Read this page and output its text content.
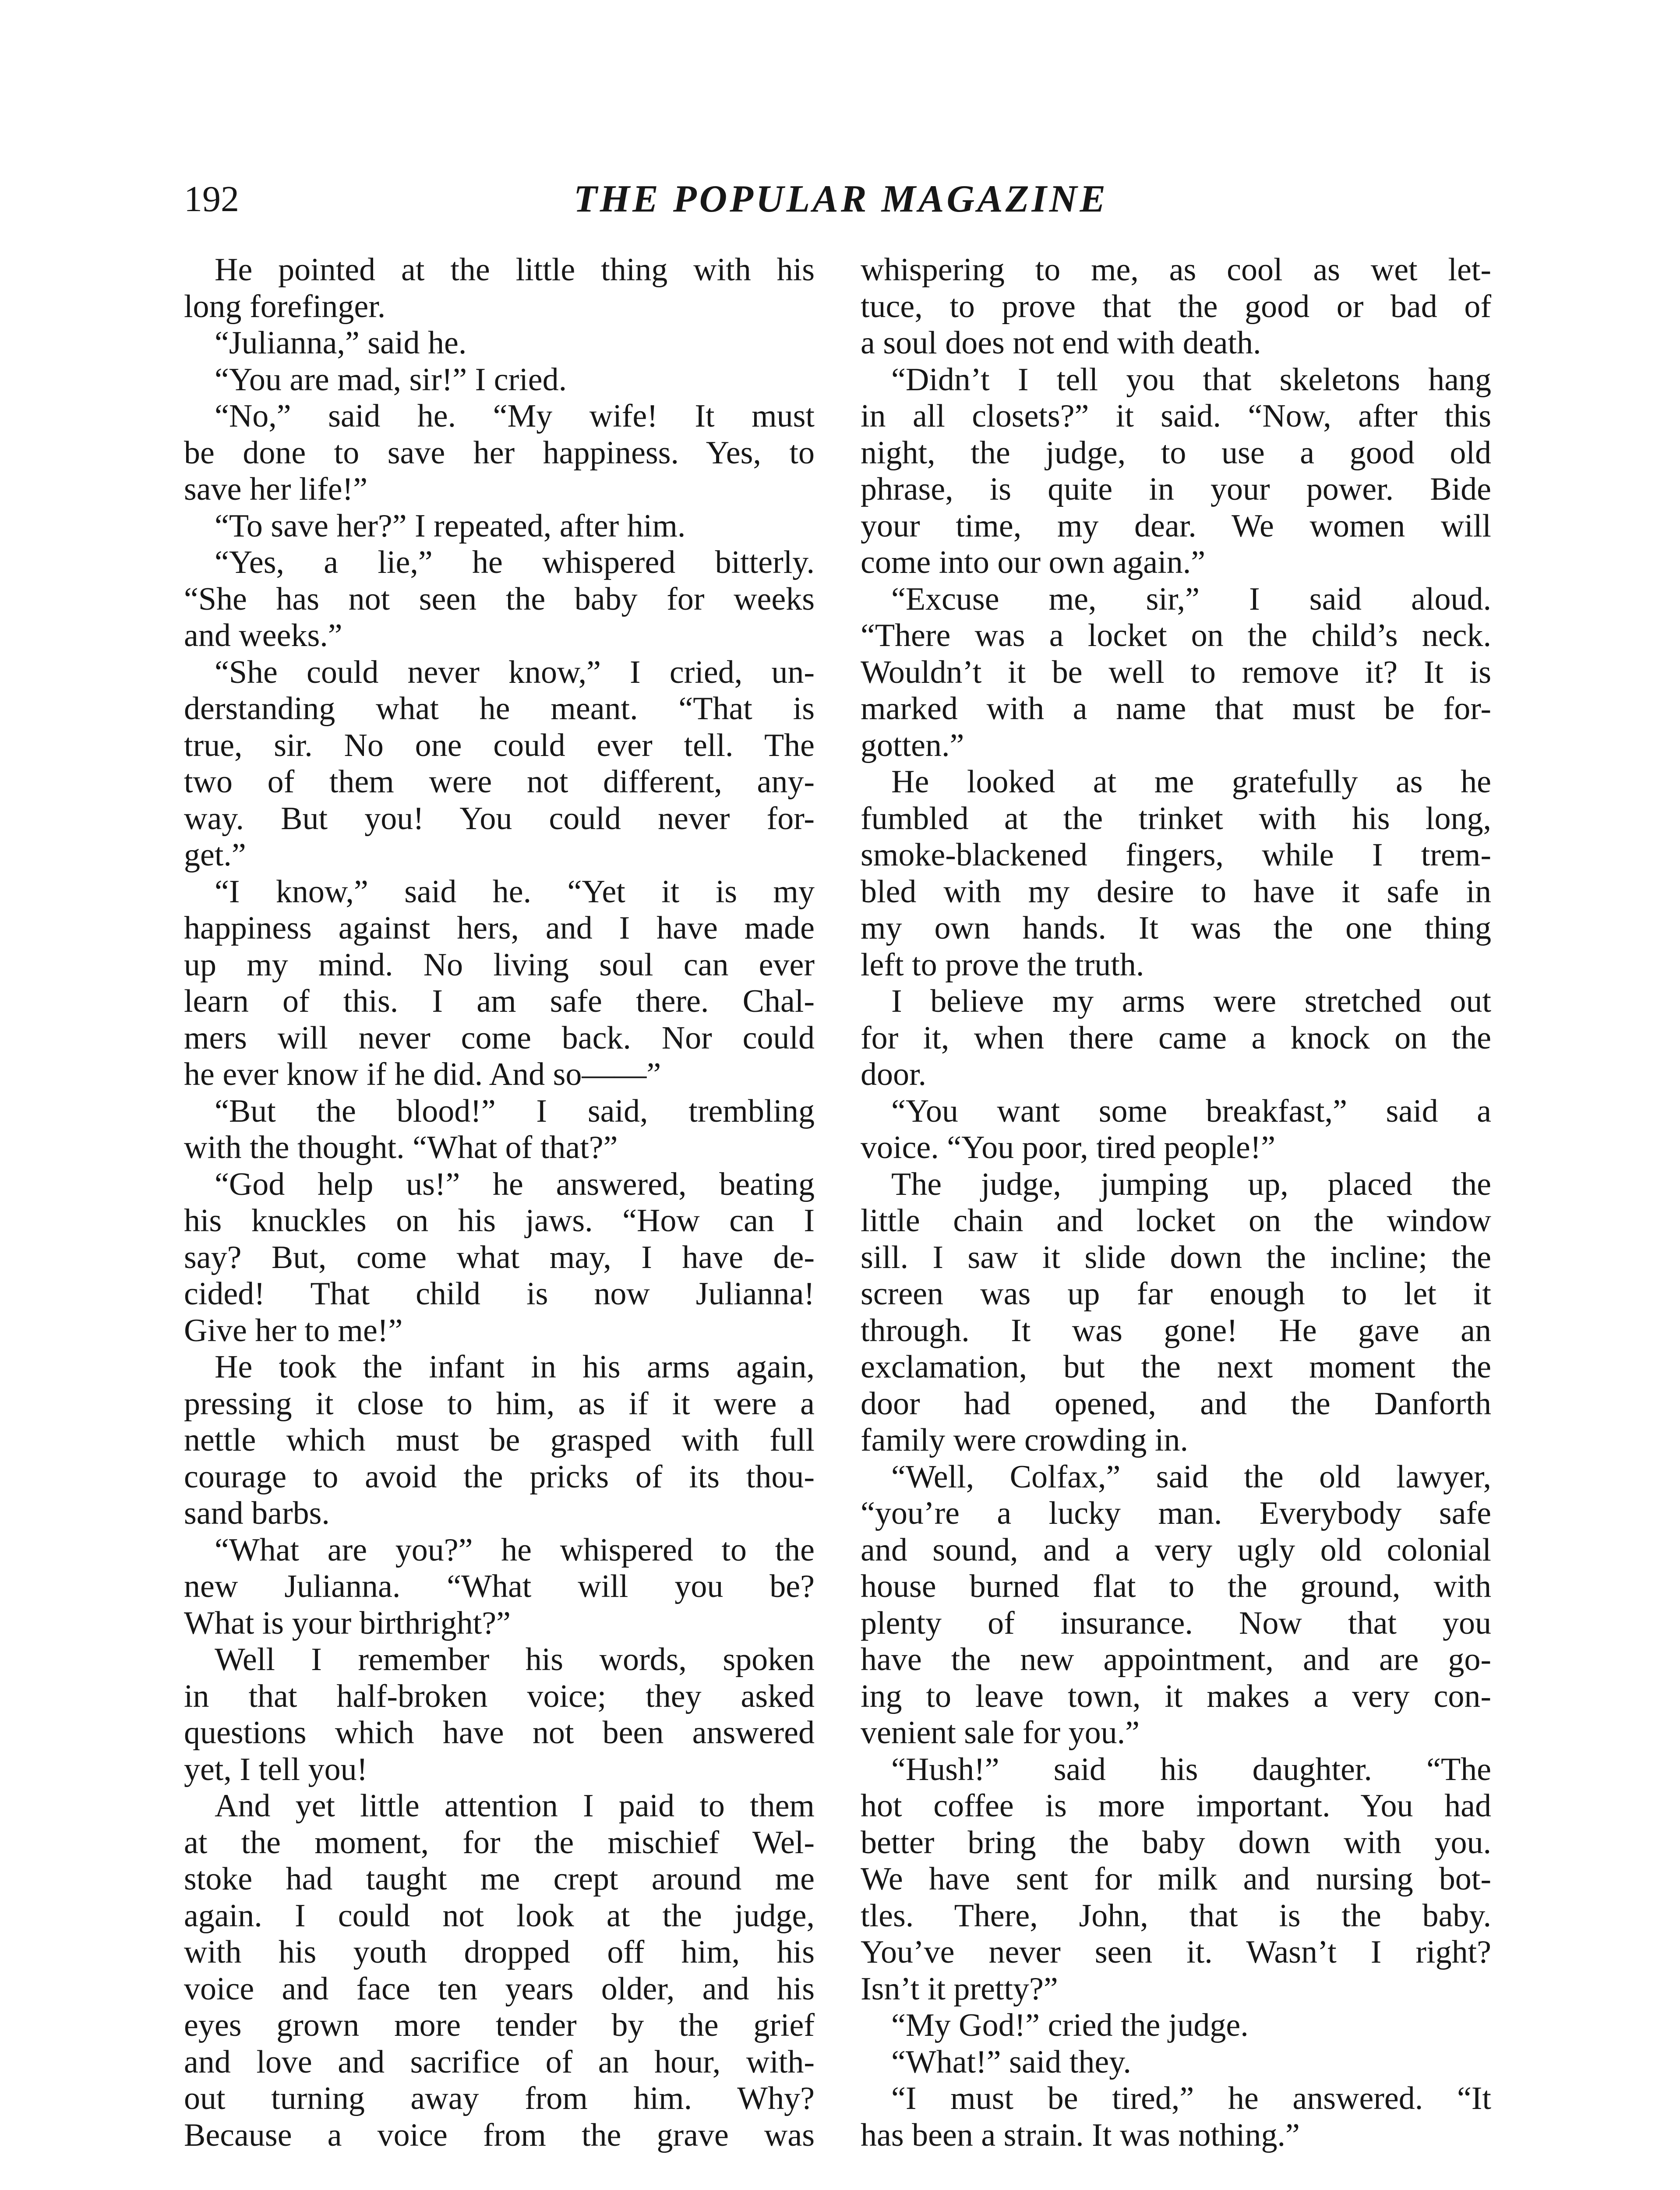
192	THE POPULAR MAGAZINE
He pointed at the little thing with his
long forefinger.
“Julianna,” said he.
“You are mad, sir!” I cried.
“No,” said he. “My wife! It must
be done to save her happiness. Yes, to
save her life!”
“To save her?” I repeated, after him.
“Yes, a lie,” he whispered bitterly.
“She has not seen the baby for weeks
and weeks.”
“She could never know,” I cried, un-
derstanding what he meant. “That is
true, sir. No one could ever tell. The
two of them were not different, any-
way. But you! You could never for-
get.”
“I know,” said he. “Yet it is my
happiness against hers, and I have made
up my mind. No living soul can ever
learn of this. I am safe there. Chal-
mers will never come back. Nor could
he ever know if he did. And so——”
“But the blood!” I said, trembling
with the thought. “What of that?”
“God help us!” he answered, beating
his knuckles on his jaws. “How can I
say? But, come what may, I have de-
cided! That child is now Julianna!
Give her to me!”
He took the infant in his arms again,
pressing it close to him, as if it were a
nettle which must be grasped with full
courage to avoid the pricks of its thou-
sand barbs.
“What are you?” he whispered to the
new Julianna. “What will you be?
What is your birthright?”
Well I remember his words, spoken
in that half-broken voice; they asked
questions which have not been answered
yet, I tell you!
And yet little attention I paid to them
at the moment, for the mischief Wel-
stoke had taught me crept around me
again. I could not look at the judge,
with his youth dropped off him, his
voice and face ten years older, and his
eyes grown more tender by the grief
and love and sacrifice of an hour, with-
out turning away from him. Why?
Because a voice from the grave was
whispering to me, as cool as wet let-
tuce, to prove that the good or bad of
a soul does not end with death.
“Didn’t I tell you that skeletons hang
in all closets?” it said. “Now, after this
night, the judge, to use a good old
phrase, is quite in your power. Bide
your time, my dear. We women will
come into our own again.”
“Excuse me, sir,” I said aloud.
“There was a locket on the child’s neck.
Wouldn’t it be well to remove it? It is
marked with a name that must be for-
gotten.”
He looked at me gratefully as he
fumbled at the trinket with his long,
smoke-blackened fingers, while I trem-
bled with my desire to have it safe in
my own hands. It was the one thing
left to prove the truth.
I believe my arms were stretched out
for it, when there came a knock on the
door.
“You want some breakfast,” said a
voice. “You poor, tired people!”
The judge, jumping up, placed the
little chain and locket on the window
sill. I saw it slide down the incline; the
screen was up far enough to let it
through. It was gone! He gave an
exclamation, but the next moment the
door had opened, and the Danforth
family were crowding in.
“Well, Colfax,” said the old lawyer,
“you’re a lucky man. Everybody safe
and sound, and a very ugly old colonial
house burned flat to the ground, with
plenty of insurance. Now that you
have the new appointment, and are go-
ing to leave town, it makes a very con-
venient sale for you.”
“Hush!” said his daughter. “The
hot coffee is more important. You had
better bring the baby down with you.
We have sent for milk and nursing bot-
tles. There, John, that is the baby.
You’ve never seen it. Wasn’t I right?
Isn’t it pretty?”
“My God!” cried the judge.
“What!” said they.
“I must be tired,” he answered. “It
has been a strain. It was nothing.”
